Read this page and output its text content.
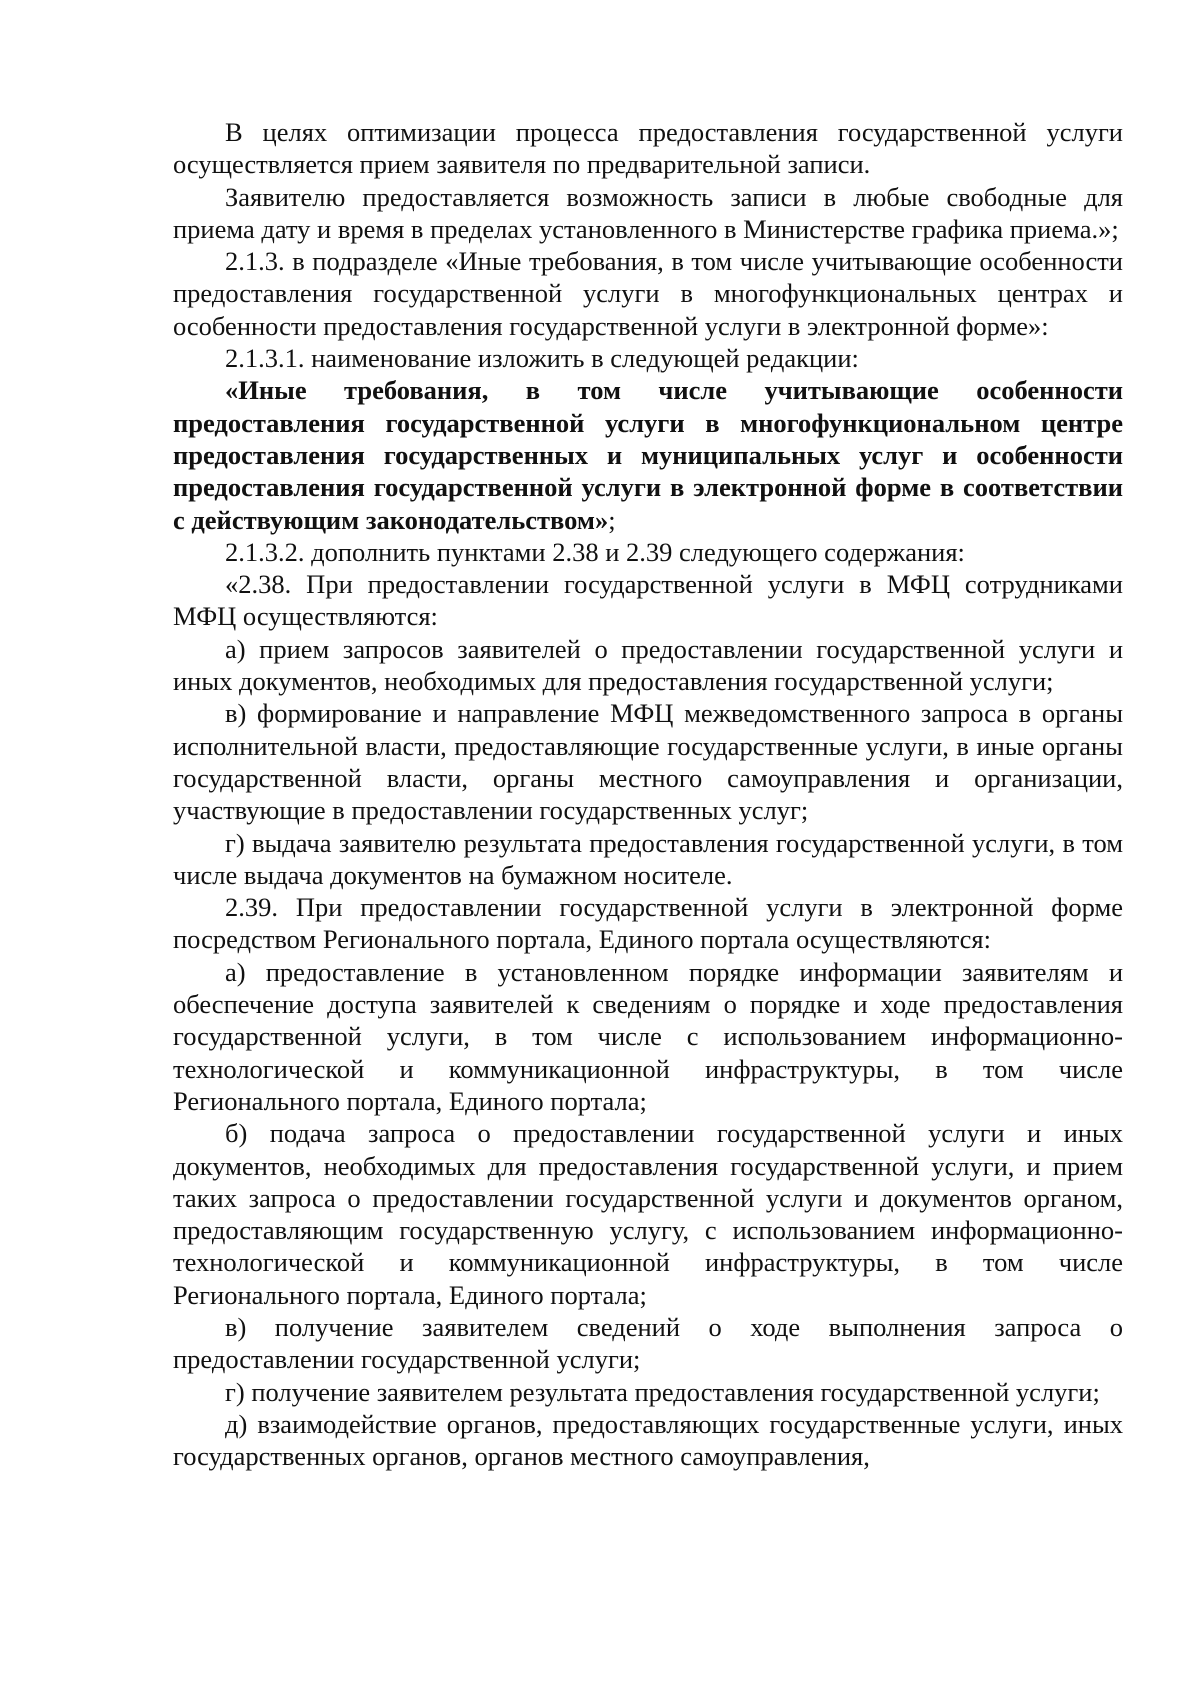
В целях оптимизации процесса предоставления государственной услуги осуществляется прием заявителя по предварительной записи.

Заявителю предоставляется возможность записи в любые свободные для приема дату и время в пределах установленного в Министерстве графика приема.»;

2.1.3. в подразделе «Иные требования, в том числе учитывающие особенности предоставления государственной услуги в многофункциональных центрах и особенности предоставления государственной услуги в электронной форме»:

2.1.3.1. наименование изложить в следующей редакции:

«Иные требования, в том числе учитывающие особенности предоставления государственной услуги в многофункциональном центре предоставления государственных и муниципальных услуг и особенности предоставления государственной услуги в электронной форме в соответствии с действующим законодательством»;

2.1.3.2. дополнить пунктами 2.38 и 2.39 следующего содержания:

«2.38. При предоставлении государственной услуги в МФЦ сотрудниками МФЦ осуществляются:

а) прием запросов заявителей о предоставлении государственной услуги и иных документов, необходимых для предоставления государственной услуги;

в) формирование и направление МФЦ межведомственного запроса в органы исполнительной власти, предоставляющие государственные услуги, в иные органы государственной власти, органы местного самоуправления и организации, участвующие в предоставлении государственных услуг;

г) выдача заявителю результата предоставления государственной услуги, в том числе выдача документов на бумажном носителе.

2.39. При предоставлении государственной услуги в электронной форме посредством Регионального портала, Единого портала осуществляются:

а) предоставление в установленном порядке информации заявителям и обеспечение доступа заявителей к сведениям о порядке и ходе предоставления государственной услуги, в том числе с использованием информационно-технологической и коммуникационной инфраструктуры, в том числе Регионального портала, Единого портала;

б) подача запроса о предоставлении государственной услуги и иных документов, необходимых для предоставления государственной услуги, и прием таких запроса о предоставлении государственной услуги и документов органом, предоставляющим государственную услугу, с использованием информационно-технологической и коммуникационной инфраструктуры, в том числе Регионального портала, Единого портала;

в) получение заявителем сведений о ходе выполнения запроса о предоставлении государственной услуги;

г) получение заявителем результата предоставления государственной услуги;

д) взаимодействие органов, предоставляющих государственные услуги, иных государственных органов, органов местного самоуправления,
